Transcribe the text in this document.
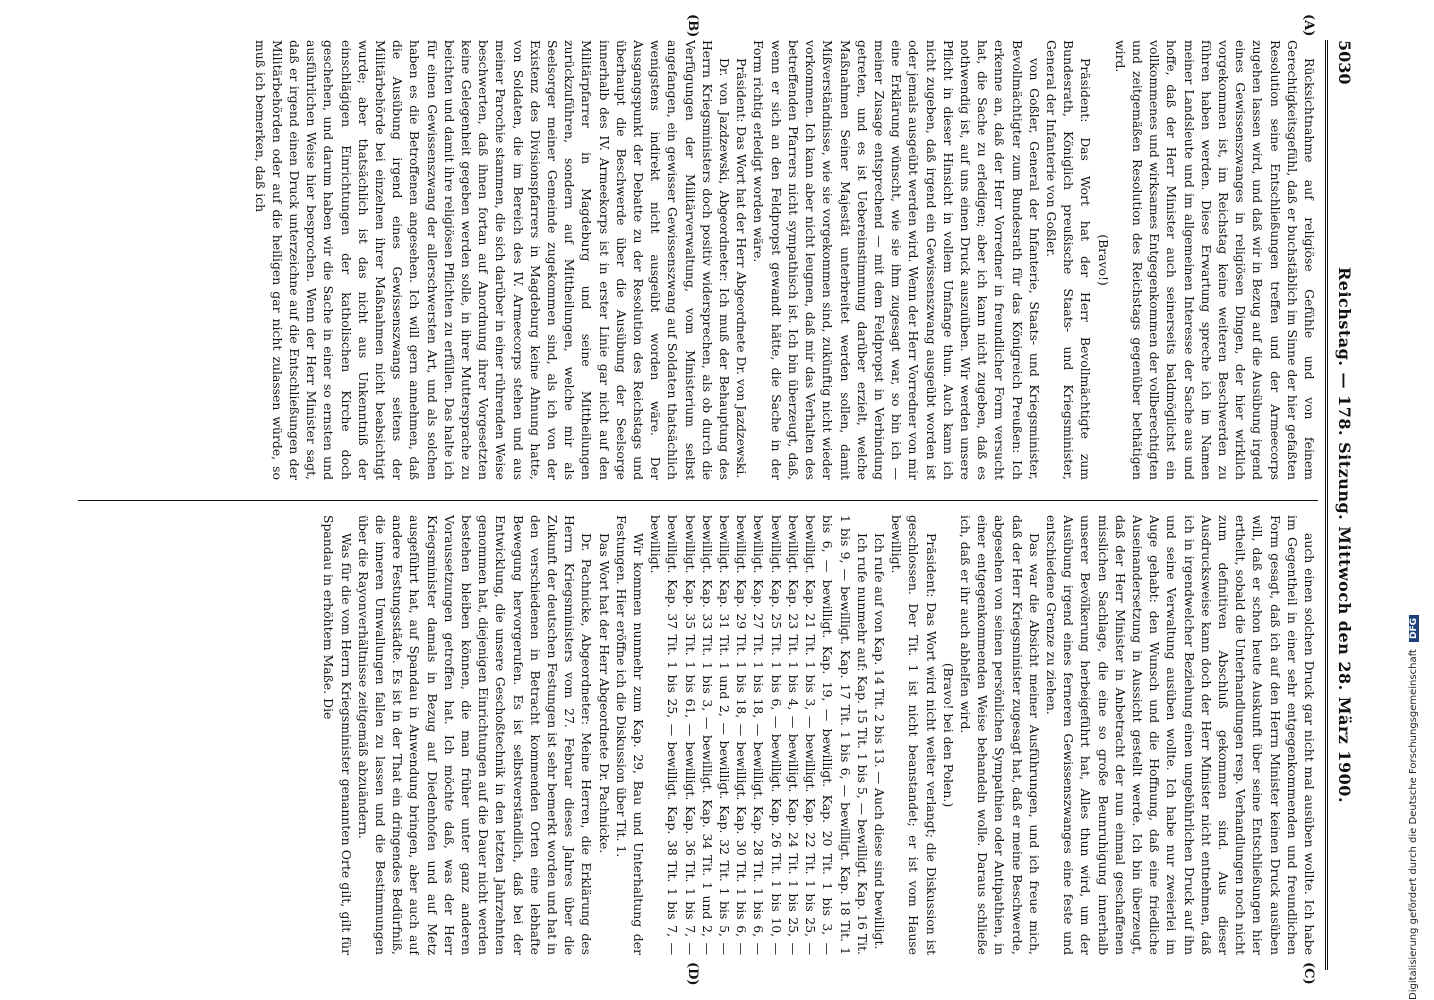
5030
Reichstag. — 178. Sitzung. Mittwoch den 28. März 1900.
(A)
(B)
(C)
(D)

Rücksichtnahme auf religiöse Gefühle und von feinem Gerechtigkeitsgefühl, daß er buchstäblich im Sinne der hier gefaßten Resolution seine Entschließungen treffen und der Armeecorps zugehen lassen wird, und daß wir in Bezug auf die Ausübung irgend eines Gewissenszwanges in religiösen Dingen, der hier wirklich vorgekommen ist, im Reichstag keine weiteren Beschwerden zu führen haben werden. Diese Erwartung spreche ich im Namen meiner Landsleute und im allgemeinen Interesse der Sache aus und hoffe, daß der Herr Minister auch seinerseits baldmöglichst ein vollkommenes und wirksames Entgegenkommen der vollberechtigten und zeitgemäßen Resolution des Reichstags gegenüber bethätigen wird.

(Bravo!)

Präsident: Das Wort hat der Herr Bevollmächtigte zum Bundesrath, Königlich preußische Staats- und Kriegsminister, General der Infanterie von Goßler.

von Goßler, General der Infanterie, Staats- und Kriegsminister, Bevollmächtigter zum Bundesrath für das Königreich Preußen: Ich erkenne an, daß der Herr Vorredner in freundlicher Form versucht hat, die Sache zu erledigen; aber ich kann nicht zugeben, daß es nothwendig ist, auf uns einen Druck auszuüben. Wir werden unsere Pflicht in dieser Hinsicht in vollem Umfange thun. Auch kann ich nicht zugeben, daß irgend ein Gewissenszwang ausgeübt worden ist oder jemals ausgeübt werden wird. Wenn der Herr Vorredner von mir eine Erklärung wünscht, wie sie ihm zugesagt war, so bin ich — meiner Zusage entsprechend — mit dem Feldpropst in Verbindung getreten, und es ist Uebereinstimmung darüber erzielt, welche Maßnahmen Seiner Majestät unterbreitet werden sollen, damit Mißverständnisse, wie sie vorgekommen sind, zukünftig nicht wieder vorkommen. Ich kann aber nicht leugnen, daß mir das Verhalten des betreffenden Pfarrers nicht sympathisch ist. Ich bin überzeugt, daß, wenn er sich an den Feldpropst gewandt hätte, die Sache in der Form richtig erledigt worden wäre.

Präsident: Das Wort hat der Herr Abgeordnete Dr. von Jazdzewski.

Dr. von Jazdzewski, Abgeordneter: Ich muß der Behauptung des Herrn Kriegsministers doch positiv widersprechen, als ob durch die Verfügungen der Militärverwaltung, vom Ministerium selbst angefangen, ein gewisser Gewissenszwang auf Soldaten thatsächlich wenigstens indirekt nicht ausgeübt worden wäre. Der Ausgangspunkt der Debatte zu der Resolution des Reichstags und überhaupt die Beschwerde über die Ausübung der Seelsorge innerhalb des IV. Armeekorps ist in erster Linie gar nicht auf den Militärpfarrer in Magdeburg und seine Mittheilungen zurückzuführen, sondern auf Mittheilungen, welche mir als Seelsorger meiner Gemeinde zugekommen sind, als ich von der Existenz des Divisionspfarrers in Magdeburg keine Ahnung hatte, von Soldaten, die im Bereich des IV. Armeecorps stehen und aus meiner Parochie stammen, die sich darüber in einer rührenden Weise beschwerten, daß ihnen fortan auf Anordnung ihrer Vorgesetzten keine Gelegenheit gegeben werden solle, in ihrer Muttersprache zu beichten und damit ihre religiösen Pflichten zu erfüllen. Das halte ich für einen Gewissenszwang der allerschwersten Art, und als solchen haben es die Betroffenen angesehen. Ich will gern annehmen, daß die Ausübung irgend eines Gewissenszwangs seitens der Militärbehörde bei einzelnen ihrer Maßnahmen nicht beabsichtigt wurde; aber thatsächlich ist das nicht aus Unkenntniß der einschlägigen Einrichtungen der katholischen Kirche doch geschehen, und darum haben wir die Sache in einer so ernsten und ausführlichen Weise hier besprochen. Wenn der Herr Minister sagt, daß er irgend einen Druck unterzeichne auf die Entschließungen der Militärbehörden oder auf die heiligen gar nicht zulassen würde, so muß ich bemerken, daß ich

auch einen solchen Druck gar nicht mal ausüben wollte. Ich habe im Gegentheil in einer sehr entgegenkommenden und freundlichen Form gesagt, daß ich auf den Herrn Minister keinen Druck ausüben will, daß er schon heute Auskunft über seine Entschließungen hier ertheilt, sobald die Unterhandlungen resp. Verhandlungen noch nicht zum definitiven Abschluß gekommen sind. Aus dieser Ausdrucksweise kann doch der Herr Minister nicht entnehmen, daß ich in irgendwelcher Beziehung einen ungebührlichen Druck auf ihn und seine Verwaltung ausüben wollte. Ich habe nur zweierlei im Auge gehabt: den Wunsch und die Hoffnung, daß eine friedliche Auseinandersetzung in Aussicht gestellt werde. Ich bin überzeugt, daß der Herr Minister in Anbetracht der nun einmal geschaffenen misslichen Sachlage, die eine so große Beunruhigung innerhalb unserer Bevölkerung herbeigeführt hat, Alles thun wird, um der Ausübung irgend eines ferneren Gewissenszwanges eine feste und entschiedene Grenze zu ziehen.

Das war die Absicht meiner Ausführungen, und ich freue mich, daß der Herr Kriegsminister zugesagt hat, daß er meine Beschwerde, abgesehen von seinen persönlichen Sympathien oder Antipathien, in einer entgegenkommenden Weise behandeln wolle. Daraus schließe ich, daß er ihr auch abhelfen wird.

(Bravo! bei den Polen.)

Präsident: Das Wort wird nicht weiter verlangt; die Diskussion ist geschlossen. Der Tit. 1 ist nicht beanstandet; er ist vom Hause bewilligt.

Ich rufe auf von Kap. 14 Tit. 2 bis 13. — Auch diese sind bewilligt.

Ich rufe nunmehr auf: Kap. 15 Tit. 1 bis 5, — bewilligt. Kap. 16 Tit. 1 bis 9, — bewilligt. Kap. 17 Tit. 1 bis 6, — bewilligt. Kap. 18 Tit. 1 bis 6, — bewilligt. Kap. 19, — bewilligt. Kap. 20 Tit. 1 bis 3, — bewilligt. Kap. 21 Tit. 1 bis 3, — bewilligt. Kap. 22 Tit. 1 bis 25, — bewilligt. Kap. 23 Tit. 1 bis 4, — bewilligt. Kap. 24 Tit. 1 bis 25, — bewilligt. Kap. 25 Tit. 1 bis 6, — bewilligt. Kap. 26 Tit. 1 bis 10, — bewilligt. Kap. 27 Tit. 1 bis 18, — bewilligt. Kap. 28 Tit. 1 bis 6, — bewilligt. Kap. 29 Tit. 1 bis 18, — bewilligt. Kap. 30 Tit. 1 bis 6, — bewilligt. Kap. 31 Tit. 1 und 2, — bewilligt. Kap. 32 Tit. 1 bis 5, — bewilligt. Kap. 33 Tit. 1 bis 3, — bewilligt. Kap. 34 Tit. 1 und 2, — bewilligt. Kap. 35 Tit. 1 bis 61, — bewilligt. Kap. 36 Tit. 1 bis 7, — bewilligt. Kap. 37 Tit. 1 bis 25, — bewilligt. Kap. 38 Tit. 1 bis 7, — bewilligt.

Wir kommen nunmehr zum Kap. 29, Bau und Unterhaltung der Festungen. Hier eröffne ich die Diskussion über Tit. 1.

Das Wort hat der Herr Abgeordnete Dr. Pachnicke.

Dr. Pachnicke, Abgeordneter: Meine Herren, die Erklärung des Herrn Kriegsministers vom 27. Februar dieses Jahres über die Zukunft der deutschen Festungen ist sehr bemerkt worden und hat in den verschiedenen in Betracht kommenden Orten eine lebhafte Bewegung hervorgerufen. Es ist selbstverständlich, daß bei der Entwicklung, die unsere Geschoßtechnik in den letzten Jahrzehnten genommen hat, diejenigen Einrichtungen auf die Dauer nicht werden bestehen bleiben können, die man früher unter ganz anderen Voraussetzungen getroffen hat. Ich möchte daß, was der Herr Kriegsminister damals in Bezug auf Diedenhofen und auf Metz ausgeführt hat, auf Spandau in Anwendung bringen, aber auch auf andere Festungsstädte. Es ist in der That ein dringendes Bedürfniß, die inneren Umwallungen fallen zu lassen und die Bestimmungen über die Rayonverhältnisse zeitgemäß abzuändern.

Was für die vom Herrn Kriegsminister genannten Orte gilt, gilt für Spandau in erhöhtem Maße. Die

Digitalisierung gefördert durch die Deutsche Forschungsgemeinschaft DFG
